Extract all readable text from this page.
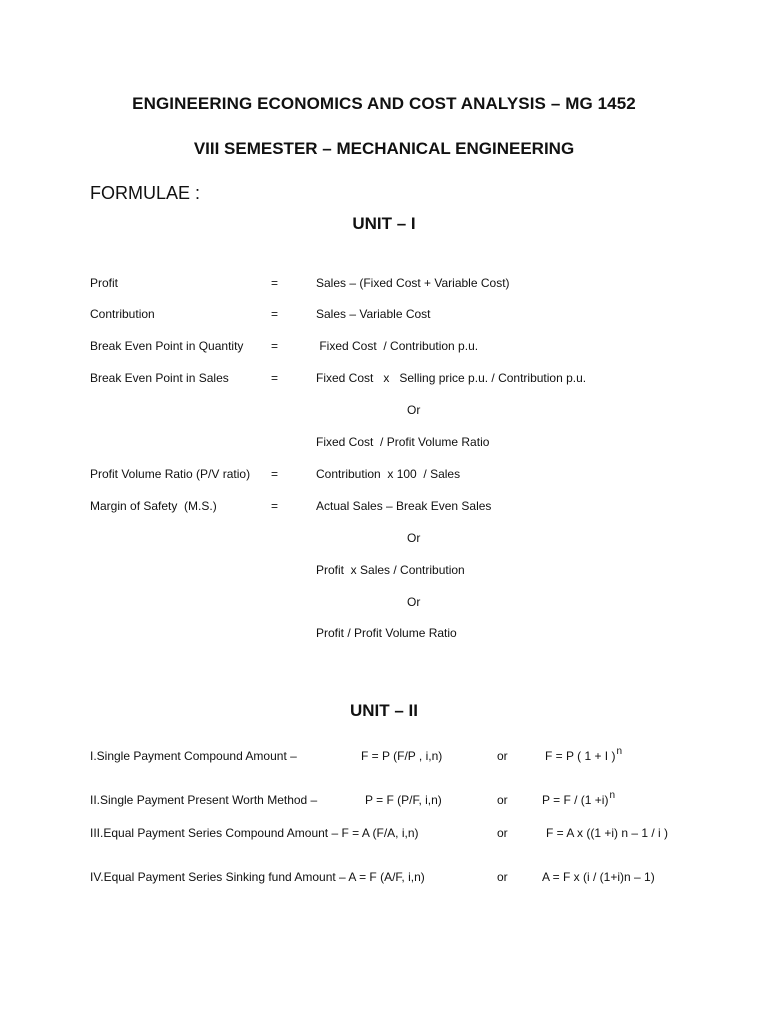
ENGINEERING ECONOMICS AND COST ANALYSIS – MG 1452
VIII SEMESTER – MECHANICAL ENGINEERING
FORMULAE :
UNIT – I
Profit	=	Sales – (Fixed Cost + Variable Cost)
Contribution	=	Sales – Variable Cost
Break Even Point in Quantity =	Fixed Cost  / Contribution p.u.
Break Even Point in Sales	=	Fixed Cost   x   Selling price p.u. / Contribution p.u.
Or
Fixed Cost  / Profit Volume Ratio
Profit Volume Ratio (P/V ratio) =	Contribution  x 100  / Sales
Margin of Safety  (M.S.)	=	Actual Sales – Break Even Sales
Or
Profit  x Sales / Contribution
Or
Profit / Profit Volume Ratio
UNIT – II
I.Single Payment Compound Amount –	F = P (F/P , i,n)	or	F = P ( 1 + I )$^n$
II.Single Payment Present Worth Method –	P = F (P/F, i,n)	or	$P = F / (1 +i)^n$
III.Equal Payment Series Compound Amount – F = A (F/A, i,n)	or	F = A x ((1 +i) n – 1 / i )
IV.Equal Payment Series Sinking fund Amount – A = F (A/F, i,n)	or	A = F x (i / (1+i)n – 1)
